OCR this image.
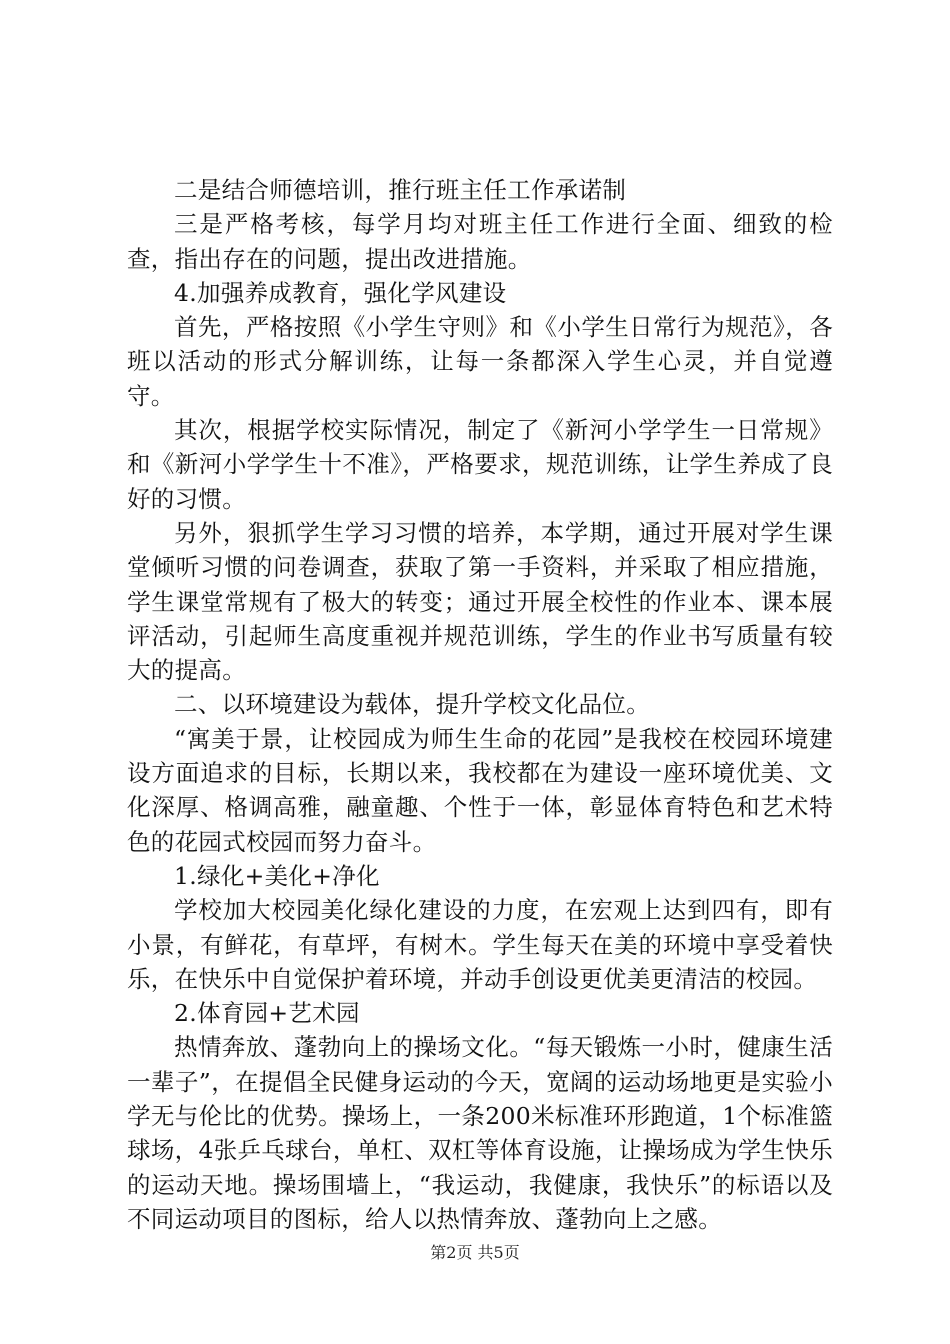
二是结合师德培训，推行班主任工作承诺制

三是严格考核，每学月均对班主任工作进行全面、细致的检查，指出存在的问题，提出改进措施。

4.加强养成教育，强化学风建设

首先，严格按照《小学生守则》和《小学生日常行为规范》，各班以活动的形式分解训练，让每一条都深入学生心灵，并自觉遵守。

其次，根据学校实际情况，制定了《新河小学学生一日常规》和《新河小学学生十不准》，严格要求，规范训练，让学生养成了良好的习惯。

另外，狠抓学生学习习惯的培养，本学期，通过开展对学生课堂倾听习惯的问卷调查，获取了第一手资料，并采取了相应措施，学生课堂常规有了极大的转变；通过开展全校性的作业本、课本展评活动，引起师生高度重视并规范训练，学生的作业书写质量有较大的提高。

二、以环境建设为载体，提升学校文化品位。

“寓美于景，让校园成为师生生命的花园”是我校在校园环境建设方面追求的目标，长期以来，我校都在为建设一座环境优美、文化深厚、格调高雅，融童趣、个性于一体，彰显体育特色和艺术特色的花园式校园而努力奋斗。

1.绿化+美化+净化

学校加大校园美化绿化建设的力度，在宏观上达到四有，即有小景，有鲜花，有草坪，有树木。学生每天在美的环境中享受着快乐，在快乐中自觉保护着环境，并动手创设更优美更清洁的校园。

2.体育园+艺术园

热情奔放、蓬勃向上的操场文化。“每天锻炼一小时，健康生活一辈子”，在提倡全民健身运动的今天，宽阔的运动场地更是实验小学无与伦比的优势。操场上，一条200米标准环形跑道，1个标准篮球场，4张乒乓球台，单杠、双杠等体育设施，让操场成为学生快乐的运动天地。操场围墙上，“我运动，我健康，我快乐”的标语以及不同运动项目的图标，给人以热情奔放、蓬勃向上之感。

第2页 共5页
